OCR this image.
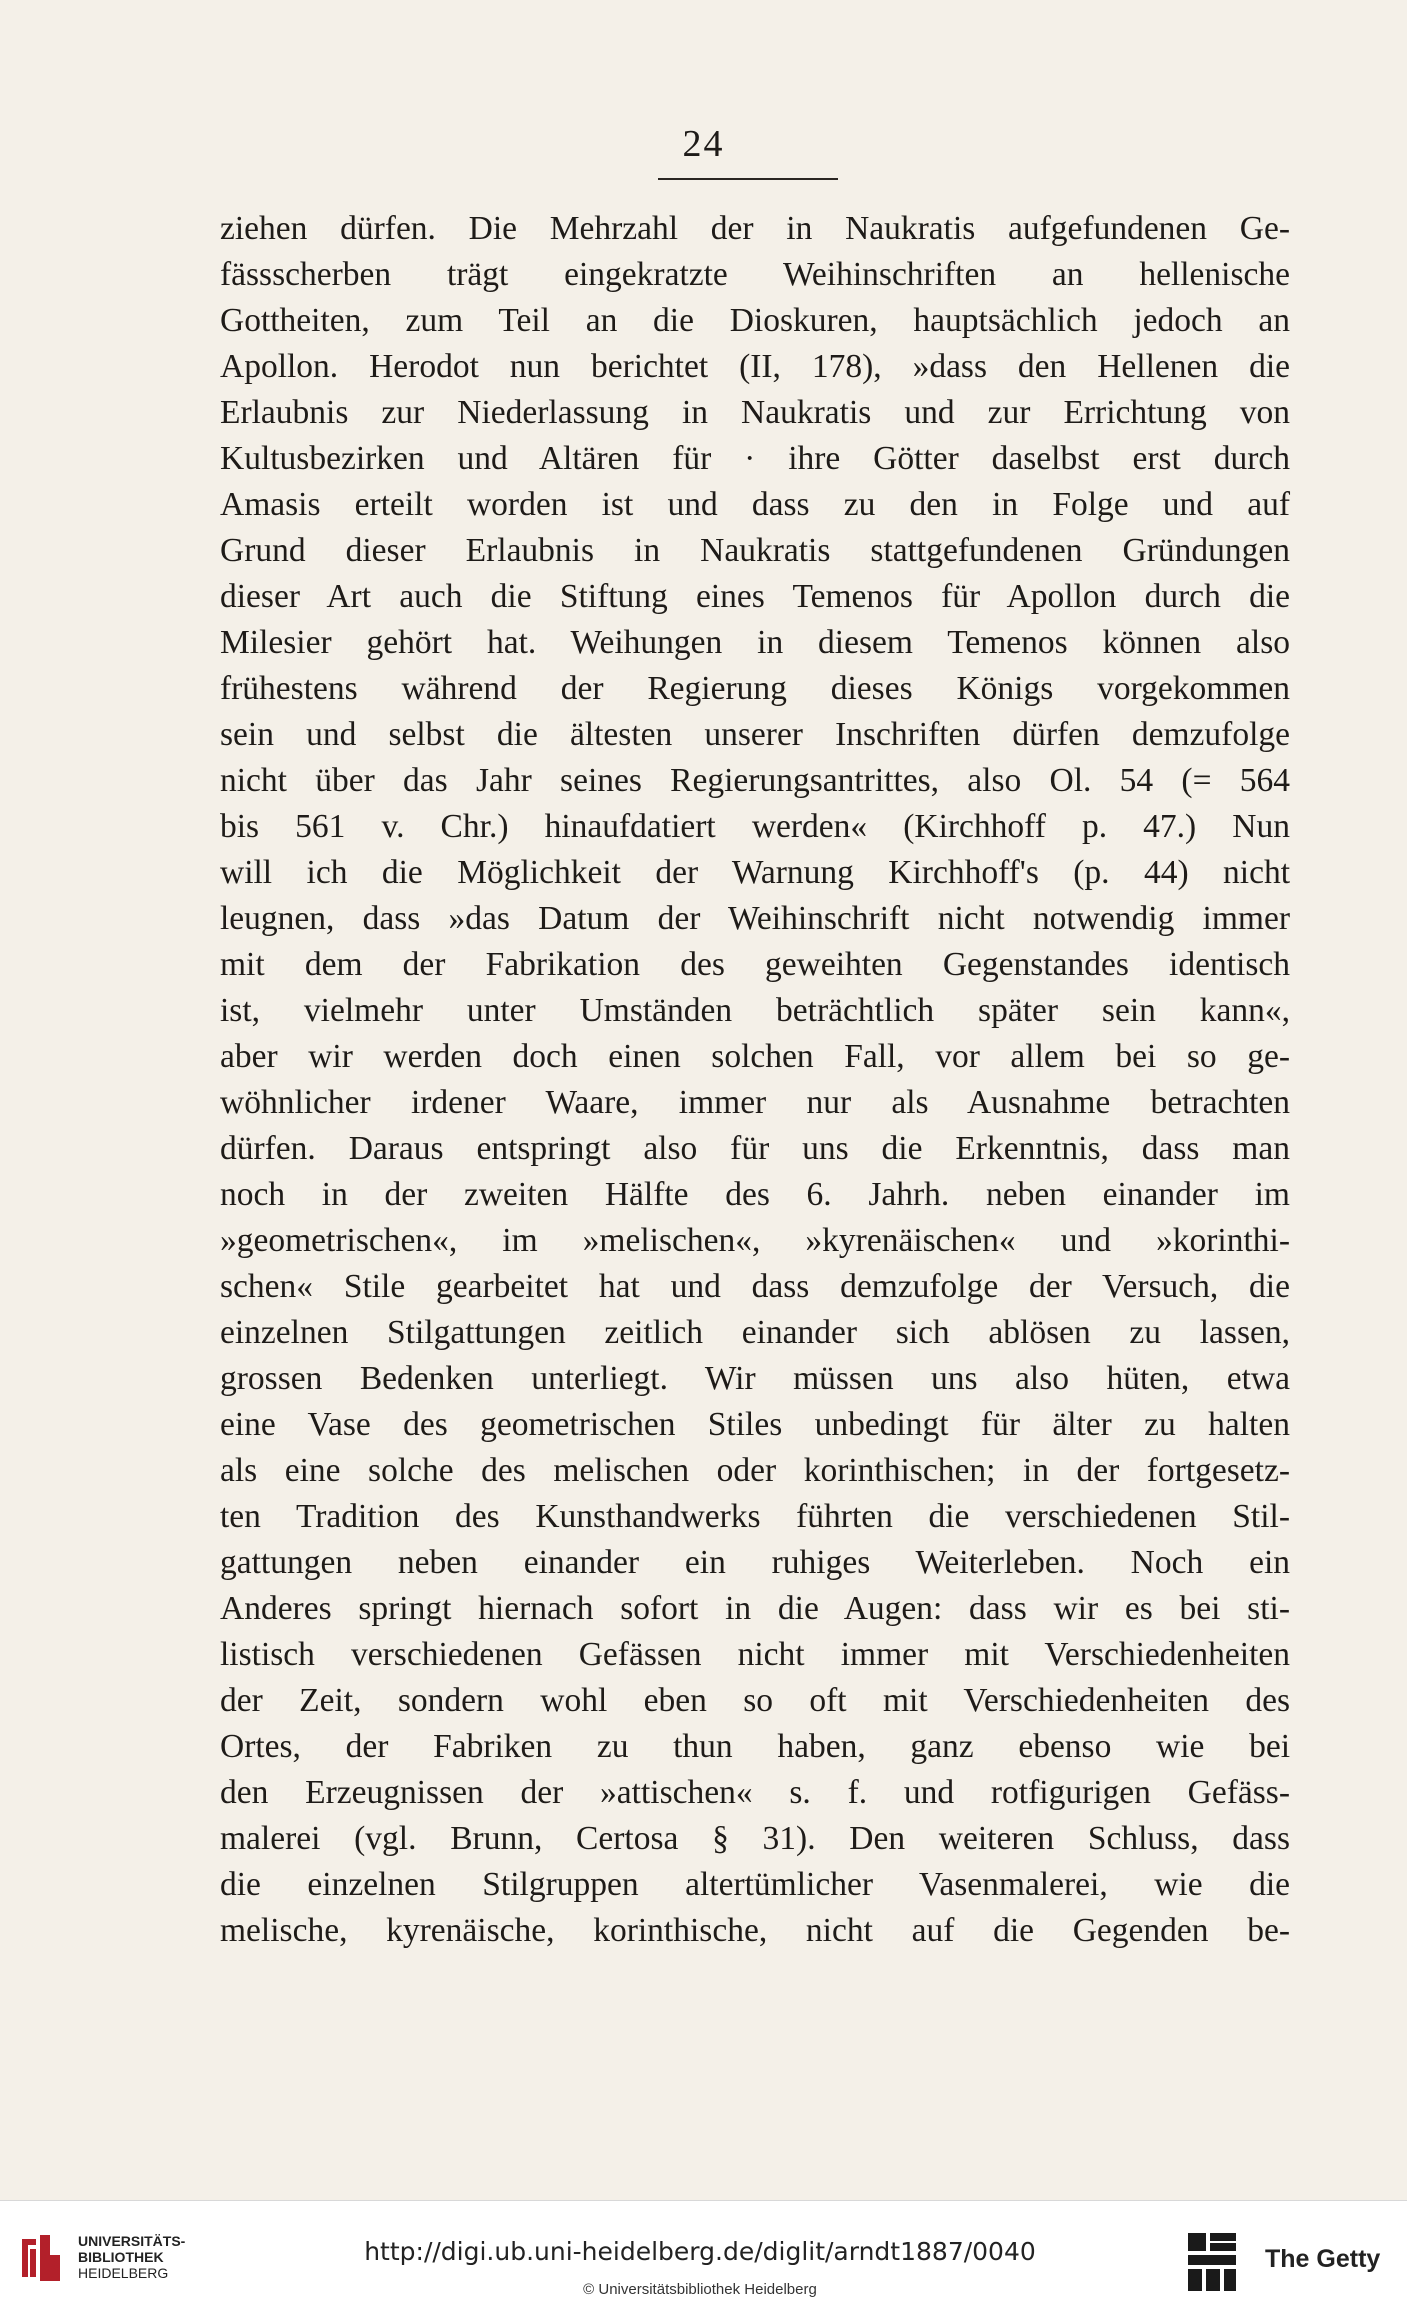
24
ziehen dürfen. Die Mehrzahl der in Naukratis aufgefundenen Ge-
fässscherben trägt eingekratzte Weihinschriften an hellenische
Gottheiten, zum Teil an die Dioskuren, hauptsächlich jedoch an
Apollon. Herodot nun berichtet (II, 178), »dass den Hellenen die
Erlaubnis zur Niederlassung in Naukratis und zur Errichtung von
Kultusbezirken und Altären für · ihre Götter daselbst erst durch
Amasis erteilt worden ist und dass zu den in Folge und auf
Grund dieser Erlaubnis in Naukratis stattgefundenen Gründungen
dieser Art auch die Stiftung eines Temenos für Apollon durch die
Milesier gehört hat. Weihungen in diesem Temenos können also
frühestens während der Regierung dieses Königs vorgekommen
sein und selbst die ältesten unserer Inschriften dürfen demzufolge
nicht über das Jahr seines Regierungsantrittes, also Ol. 54 (= 564
bis 561 v. Chr.) hinaufdatiert werden« (Kirchhoff p. 47.) Nun
will ich die Möglichkeit der Warnung Kirchhoff's (p. 44) nicht
leugnen, dass »das Datum der Weihinschrift nicht notwendig immer
mit dem der Fabrikation des geweihten Gegenstandes identisch
ist, vielmehr unter Umständen beträchtlich später sein kann«,
aber wir werden doch einen solchen Fall, vor allem bei so ge-
wöhnlicher irdener Waare, immer nur als Ausnahme betrachten
dürfen. Daraus entspringt also für uns die Erkenntnis, dass man
noch in der zweiten Hälfte des 6. Jahrh. neben einander im
»geometrischen«, im »melischen«, »kyrenäischen« und »korinthi-
schen« Stile gearbeitet hat und dass demzufolge der Versuch, die
einzelnen Stilgattungen zeitlich einander sich ablösen zu lassen,
grossen Bedenken unterliegt. Wir müssen uns also hüten, etwa
eine Vase des geometrischen Stiles unbedingt für älter zu halten
als eine solche des melischen oder korinthischen; in der fortgesetz-
ten Tradition des Kunsthandwerks führten die verschiedenen Stil-
gattungen neben einander ein ruhiges Weiterleben. Noch ein
Anderes springt hiernach sofort in die Augen: dass wir es bei sti-
listisch verschiedenen Gefässen nicht immer mit Verschiedenheiten
der Zeit, sondern wohl eben so oft mit Verschiedenheiten des
Ortes, der Fabriken zu thun haben, ganz ebenso wie bei
den Erzeugnissen der »attischen« s. f. und rotfigurigen Gefäss-
malerei (vgl. Brunn, Certosa § 31). Den weiteren Schluss, dass
die einzelnen Stilgruppen altertümlicher Vasenmalerei, wie die
melische, kyrenäische, korinthische, nicht auf die Gegenden be-
UNIVERSITÄTS-
BIBLIOTHEK
HEIDELBERG
http://digi.ub.uni-heidelberg.de/diglit/arndt1887/0040
© Universitätsbibliothek Heidelberg
The Getty
